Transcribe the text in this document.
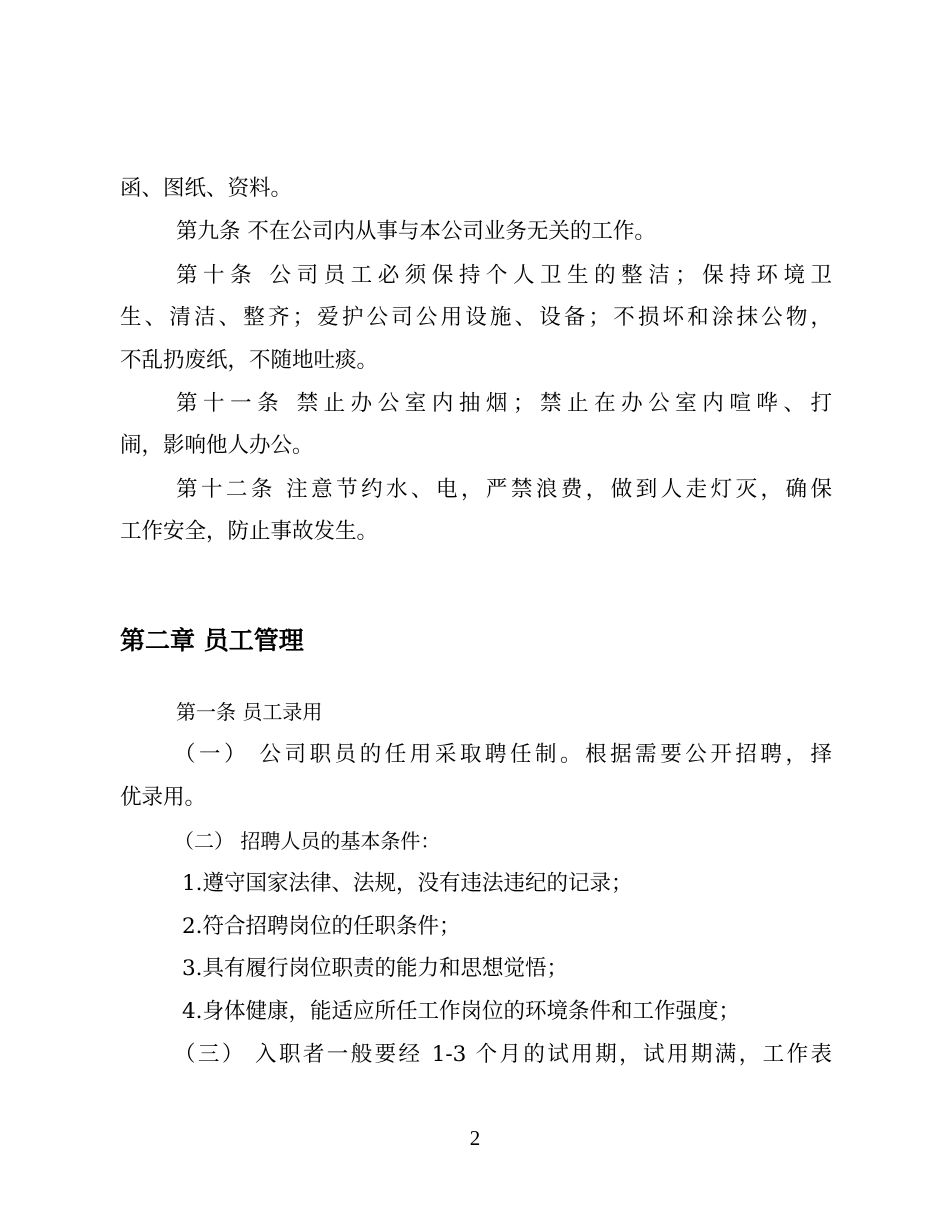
函、图纸、资料。
第九条 不在公司内从事与本公司业务无关的工作。
第十条 公司员工必须保持个人卫生的整洁；保持环境卫
生、清洁、整齐；爱护公司公用设施、设备；不损坏和涂抹公物，
不乱扔废纸，不随地吐痰。
第十一条 禁止办公室内抽烟；禁止在办公室内喧哗、打
闹，影响他人办公。
第十二条 注意节约水、电，严禁浪费，做到人走灯灭，确保
工作安全，防止事故发生。
第二章 员工管理
第一条 员工录用
（一） 公司职员的任用采取聘任制。根据需要公开招聘，择
优录用。
（二） 招聘人员的基本条件：
1.遵守国家法律、法规，没有违法违纪的记录；
2.符合招聘岗位的任职条件；
3.具有履行岗位职责的能力和思想觉悟；
4.身体健康，能适应所任工作岗位的环境条件和工作强度；
（三） 入职者一般要经 1-3 个月的试用期，试用期满，工作表
2
